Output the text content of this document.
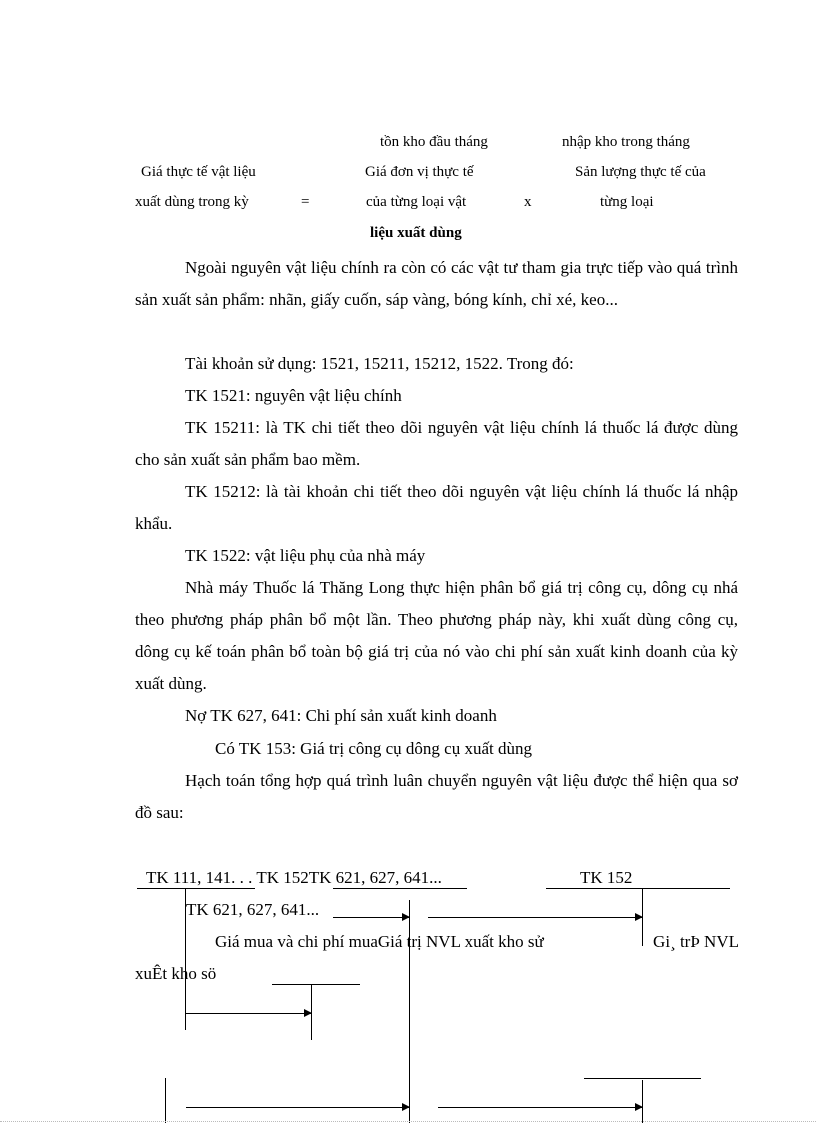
tồn kho đầu tháng	nhập kho trong tháng
Giá thực tế vật liệu	Giá đơn vị thực tế	Sản lượng thực tế của
xuất dùng trong kỳ	=	của từng loại vật	x	từng loại
liệu xuất dùng
Ngoài nguyên vật liệu chính ra còn có các vật tư tham gia trực tiếp vào quá trình sản xuất sản phẩm: nhãn, giấy cuốn, sáp vàng, bóng kính, chỉ xé, keo...
Tài khoản sử dụng: 1521, 15211, 15212, 1522. Trong đó:
TK 1521: nguyên vật liệu chính
TK 15211: là TK chi tiết theo dõi nguyên vật liệu chính lá thuốc lá được dùng cho sản xuất sản phẩm bao mềm.
TK 15212: là tài khoản chi tiết theo dõi nguyên vật liệu chính lá thuốc lá nhập khẩu.
TK 1522: vật liệu phụ của nhà máy
Nhà máy Thuốc lá Thăng Long thực hiện phân bổ giá trị công cụ, dông cụ nhá theo phương pháp phân bổ một lần. Theo phương pháp này, khi xuất dùng công cụ, dông cụ kế toán phân bổ toàn bộ giá trị của nó vào chi phí sản xuất kinh doanh của kỳ xuất dùng.
Nợ TK 627, 641: Chi phí sản xuất kinh doanh
Có TK 153: Giá trị công cụ dông cụ xuất dùng
Hạch toán tổng hợp quá trình luân chuyển nguyên vật liệu được thể hiện qua sơ đồ sau:
TK 111, 141. . . TK 152TK 621, 627, 641...	TK 152
TK 621, 627, 641...
Giá mua và chi phí muaGiá trị NVL xuất kho sử	Gi¸ trÞ NVL
xuÊt kho sö
